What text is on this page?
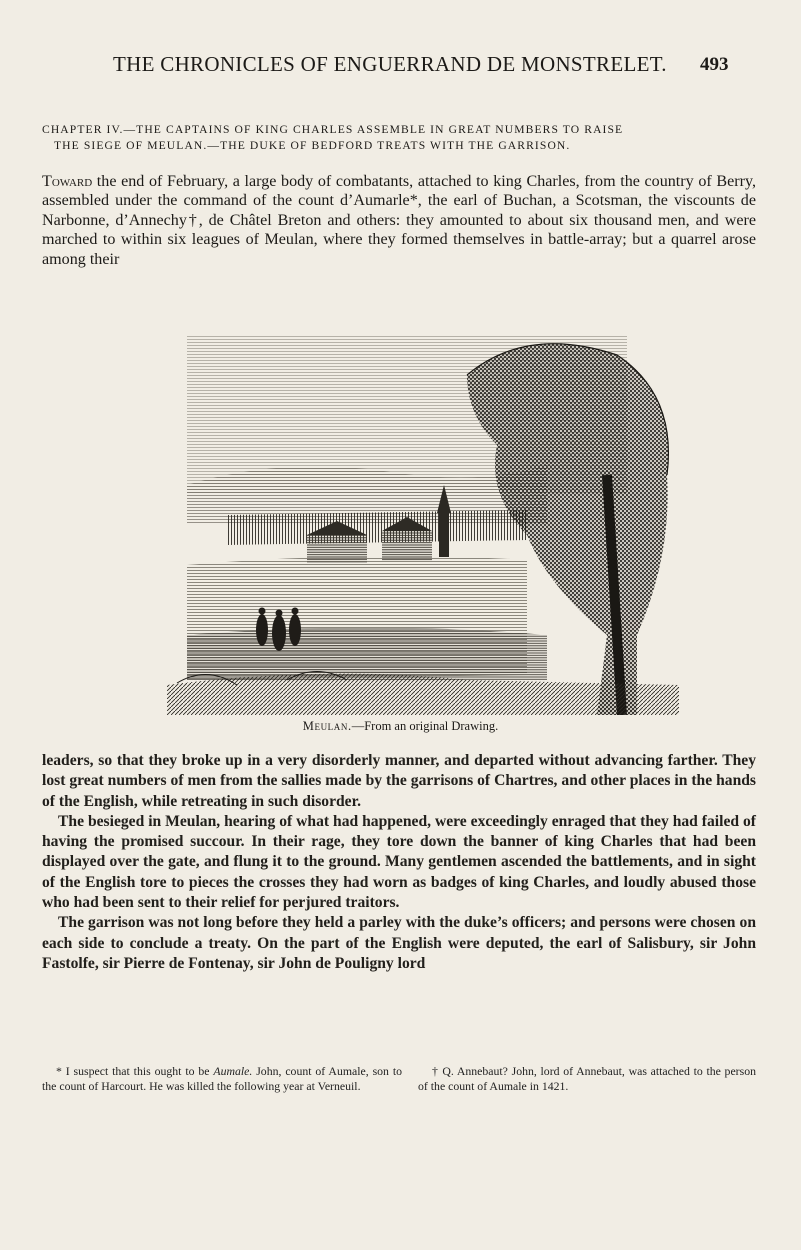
THE CHRONICLES OF ENGUERRAND DE MONSTRELET. 493
CHAPTER IV.—THE CAPTAINS OF KING CHARLES ASSEMBLE IN GREAT NUMBERS TO RAISE
THE SIEGE OF MEULAN.—THE DUKE OF BEDFORD TREATS WITH THE GARRISON.

Toward the end of February, a large body of combatants, attached to king Charles, from the country of Berry, assembled under the command of the count d’Aumarle*, the earl of Buchan, a Scotsman, the viscounts de Narbonne, d’Annechy†, de Châtel Breton and others: they amounted to about six thousand men, and were marched to within six leagues of Meulan, where they formed themselves in battle-array; but a quarrel arose among their

Meulan.—From an original Drawing.

leaders, so that they broke up in a very disorderly manner, and departed without advancing farther. They lost great numbers of men from the sallies made by the garrisons of Chartres, and other places in the hands of the English, while retreating in such disorder.

The besieged in Meulan, hearing of what had happened, were exceedingly enraged that they had failed of having the promised succour. In their rage, they tore down the banner of king Charles that had been displayed over the gate, and flung it to the ground. Many gentlemen ascended the battlements, and in sight of the English tore to pieces the crosses they had worn as badges of king Charles, and loudly abused those who had been sent to their relief for perjured traitors.

The garrison was not long before they held a parley with the duke’s officers; and persons were chosen on each side to conclude a treaty. On the part of the English were deputed, the earl of Salisbury, sir John Fastolfe, sir Pierre de Fontenay, sir John de Pouligny lord

* I suspect that this ought to be Aumale. John, count of Aumale, son to the count of Harcourt. He was killed the following year at Verneuil.

† Q. Annebaut? John, lord of Annebaut, was attached to the person of the count of Aumale in 1421.
